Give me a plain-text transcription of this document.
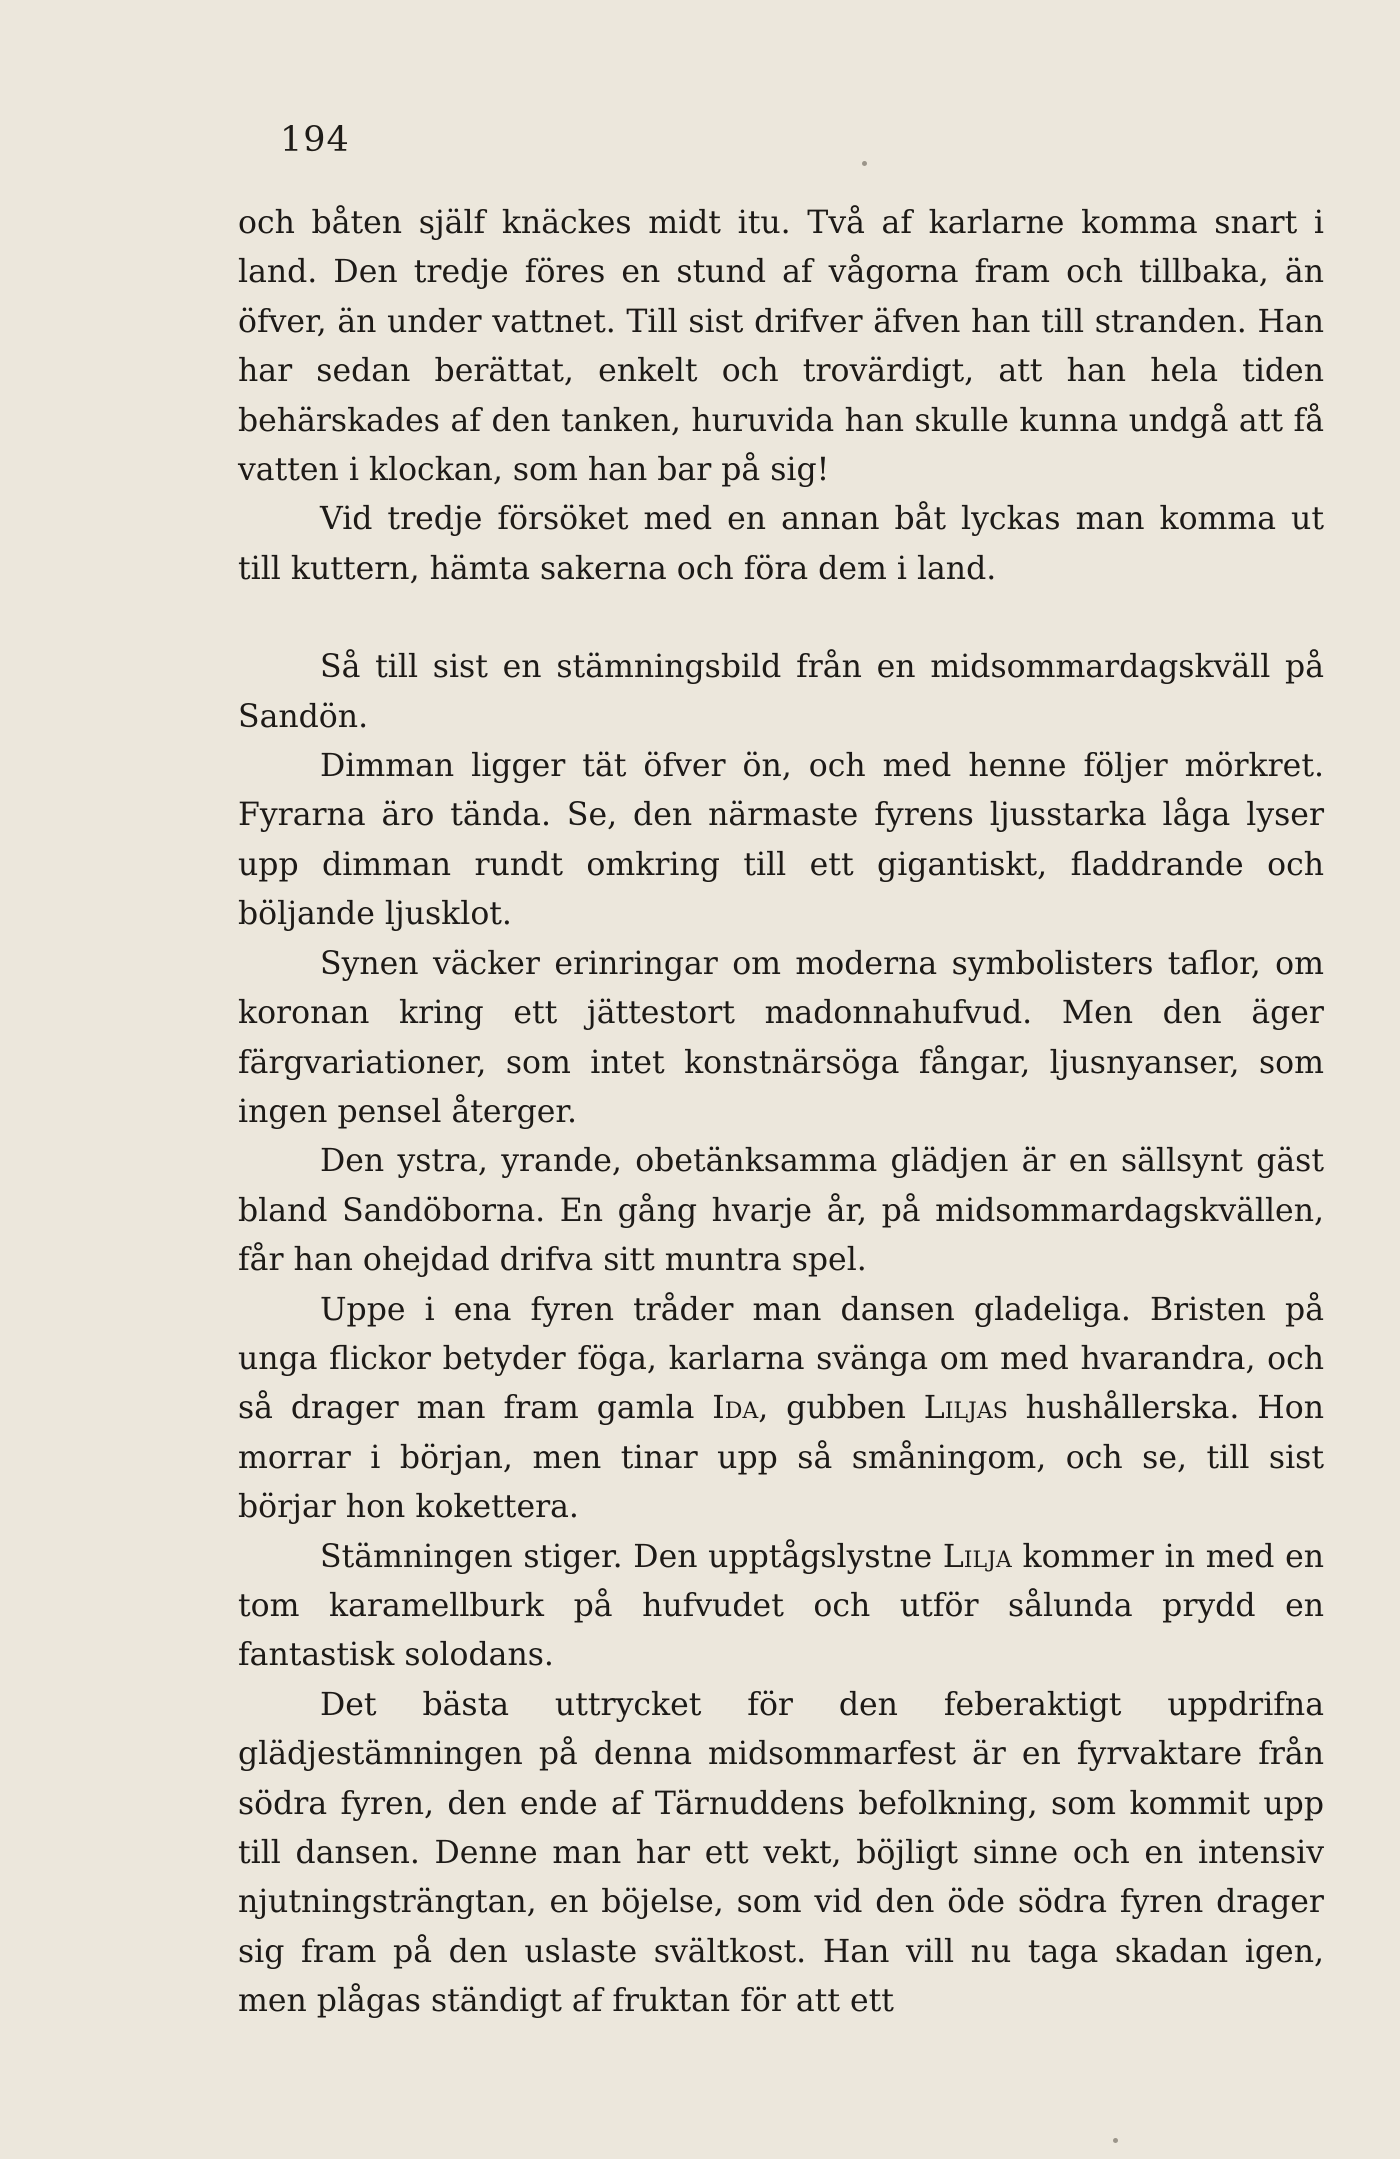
194

och båten själf knäckes midt itu. Två af karlarne komma snart i land. Den tredje föres en stund af vågorna fram och tillbaka, än öfver, än under vattnet. Till sist drifver äfven han till stranden. Han har sedan berättat, enkelt och trovärdigt, att han hela tiden behärskades af den tanken, huruvida han skulle kunna undgå att få vatten i klockan, som han bar på sig!

Vid tredje försöket med en annan båt lyckas man komma ut till kuttern, hämta sakerna och föra dem i land.

Så till sist en stämningsbild från en midsommardagskväll på Sandön.

Dimman ligger tät öfver ön, och med henne följer mörkret. Fyrarna äro tända. Se, den närmaste fyrens ljusstarka låga lyser upp dimman rundt omkring till ett gigantiskt, fladdrande och böljande ljusklot.

Synen väcker erinringar om moderna symbolisters taflor, om koronan kring ett jättestort madonnahufvud. Men den äger färgvariationer, som intet konstnärsöga fångar, ljusnyanser, som ingen pensel återger.

Den ystra, yrande, obetänksamma glädjen är en sällsynt gäst bland Sandöborna. En gång hvarje år, på midsommardagskvällen, får han ohejdad drifva sitt muntra spel.

Uppe i ena fyren tråder man dansen gladeliga. Bristen på unga flickor betyder föga, karlarna svänga om med hvarandra, och så drager man fram gamla Ida, gubben Liljas hushållerska. Hon morrar i början, men tinar upp så småningom, och se, till sist börjar hon kokettera.

Stämningen stiger. Den upptågslystne Lilja kommer in med en tom karamellburk på hufvudet och utför sålunda prydd en fantastisk solodans.

Det bästa uttrycket för den feberaktigt uppdrifna glädjestämningen på denna midsommarfest är en fyrvaktare från södra fyren, den ende af Tärnuddens befolkning, som kommit upp till dansen. Denne man har ett vekt, böjligt sinne och en intensiv njutningsträngtan, en böjelse, som vid den öde södra fyren drager sig fram på den uslaste svältkost. Han vill nu taga skadan igen, men plågas ständigt af fruktan för att ett
